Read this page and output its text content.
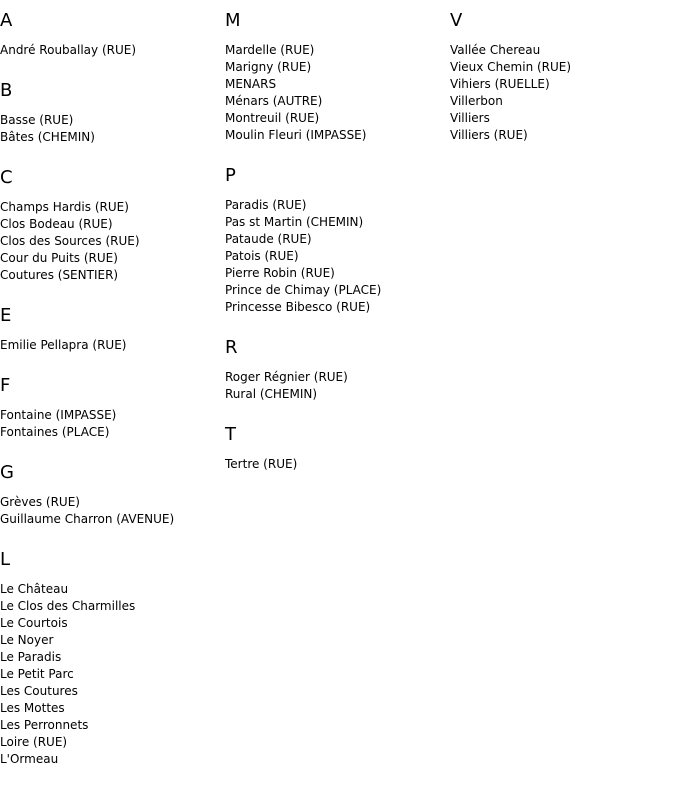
A
André Rouballay (RUE)
B
Basse (RUE)
Bâtes (CHEMIN)
C
Champs Hardis (RUE)
Clos Bodeau (RUE)
Clos des Sources (RUE)
Cour du Puits (RUE)
Coutures (SENTIER)
E
Emilie Pellapra (RUE)
F
Fontaine (IMPASSE)
Fontaines (PLACE)
G
Grèves (RUE)
Guillaume Charron (AVENUE)
L
Le Château
Le Clos des Charmilles
Le Courtois
Le Noyer
Le Paradis
Le Petit Parc
Les Coutures
Les Mottes
Les Perronnets
Loire (RUE)
L'Ormeau
M
Mardelle (RUE)
Marigny (RUE)
MENARS
Ménars (AUTRE)
Montreuil (RUE)
Moulin Fleuri (IMPASSE)
P
Paradis (RUE)
Pas st Martin (CHEMIN)
Pataude (RUE)
Patois (RUE)
Pierre Robin (RUE)
Prince de Chimay (PLACE)
Princesse Bibesco (RUE)
R
Roger Régnier (RUE)
Rural (CHEMIN)
T
Tertre (RUE)
V
Vallée Chereau
Vieux Chemin (RUE)
Vihiers (RUELLE)
Villerbon
Villiers
Villiers (RUE)
